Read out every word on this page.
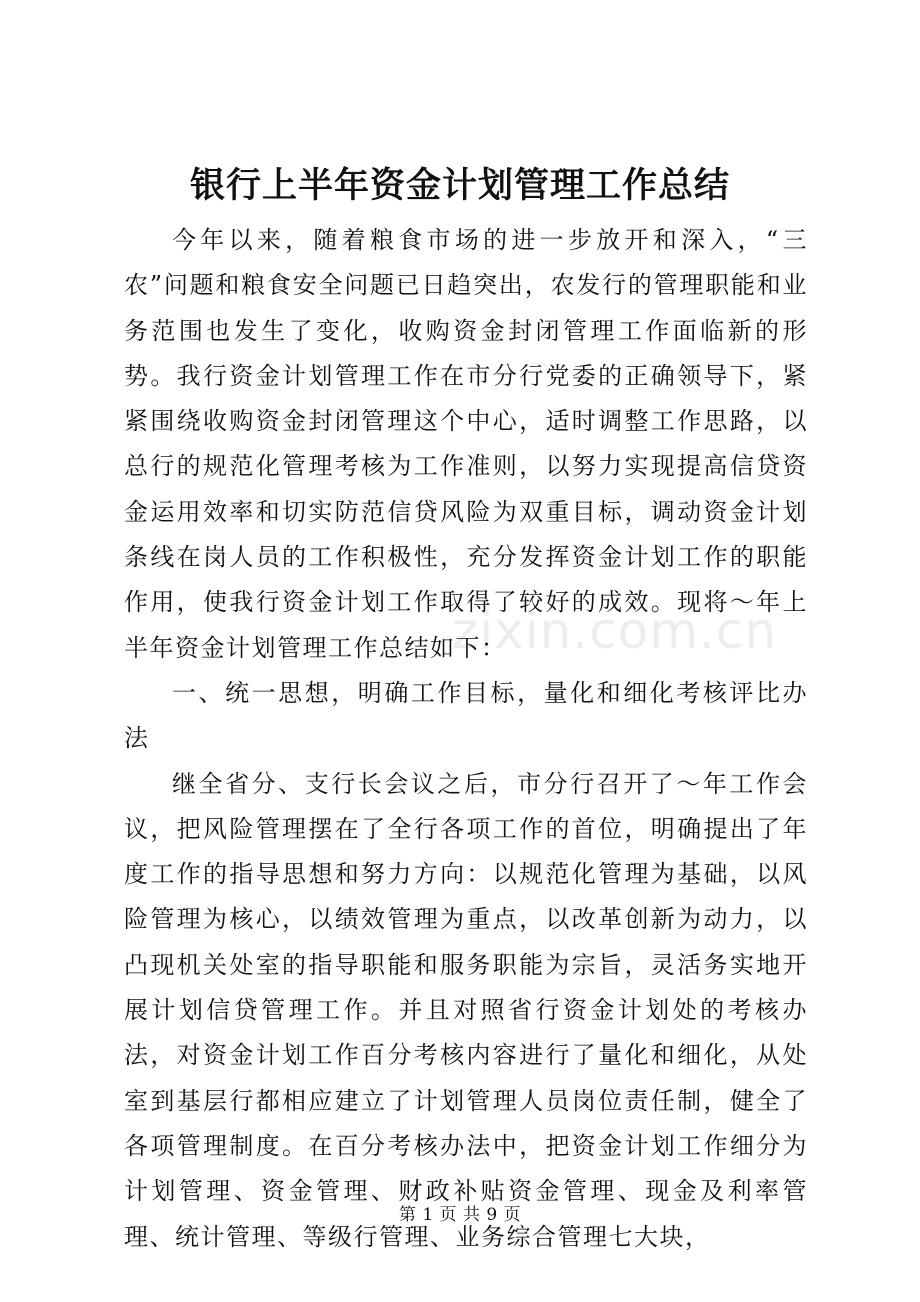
银行上半年资金计划管理工作总结

今年以来，随着粮食市场的进一步放开和深入，“三农”问题和粮食安全问题已日趋突出，农发行的管理职能和业务范围也发生了变化，收购资金封闭管理工作面临新的形势。我行资金计划管理工作在市分行党委的正确领导下，紧紧围绕收购资金封闭管理这个中心，适时调整工作思路，以总行的规范化管理考核为工作准则，以努力实现提高信贷资金运用效率和切实防范信贷风险为双重目标，调动资金计划条线在岗人员的工作积极性，充分发挥资金计划工作的职能作用，使我行资金计划工作取得了较好的成效。现将～年上半年资金计划管理工作总结如下：

一、统一思想，明确工作目标，量化和细化考核评比办法

继全省分、支行长会议之后，市分行召开了～年工作会议，把风险管理摆在了全行各项工作的首位，明确提出了年度工作的指导思想和努力方向：以规范化管理为基础，以风险管理为核心，以绩效管理为重点，以改革创新为动力，以凸现机关处室的指导职能和服务职能为宗旨，灵活务实地开展计划信贷管理工作。并且对照省行资金计划处的考核办法，对资金计划工作百分考核内容进行了量化和细化，从处室到基层行都相应建立了计划管理人员岗位责任制，健全了各项管理制度。在百分考核办法中，把资金计划工作细分为计划管理、资金管理、财政补贴资金管理、现金及利率管理、统计管理、等级行管理、业务综合管理七大块，

zixin.com.cn
第 1 页 共 9 页
